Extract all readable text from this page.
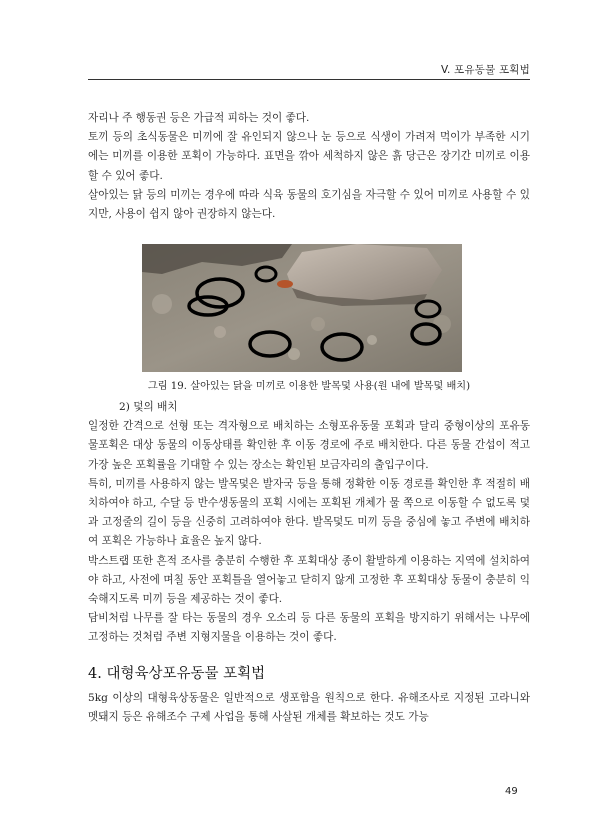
V. 포유동물 포획법

자리나 주 행동권 등은 가급적 피하는 것이 좋다.

토끼 등의 초식동물은 미끼에 잘 유인되지 않으나 눈 등으로 식생이 가려져 먹이가 부족한 시기에는 미끼를 이용한 포획이 가능하다. 표면을 깎아 세척하지 않은 흙 당근은 장기간 미끼로 이용할 수 있어 좋다.

살아있는 닭 등의 미끼는 경우에 따라 식육 동물의 호기심을 자극할 수 있어 미끼로 사용할 수 있지만, 사용이 쉽지 않아 권장하지 않는다.

그림 19. 살아있는 닭을 미끼로 이용한 발목덫 사용(원 내에 발목덫 배치)

2) 덫의 배치

일정한 간격으로 선형 또는 격자형으로 배치하는 소형포유동물 포획과 달리 중형이상의 포유동물포획은 대상 동물의 이동상태를 확인한 후 이동 경로에 주로 배치한다. 다른 동물 간섭이 적고 가장 높은 포획률을 기대할 수 있는 장소는 확인된 보금자리의 출입구이다.

특히, 미끼를 사용하지 않는 발목덫은 발자국 등을 통해 정확한 이동 경로를 확인한 후 적절히 배치하여야 하고, 수달 등 반수생동물의 포획 시에는 포획된 개체가 물 쪽으로 이동할 수 없도록 덫과 고정줄의 길이 등을 신중히 고려하여야 한다. 발목덫도 미끼 등을 중심에 놓고 주변에 배치하여 포획은 가능하나 효율은 높지 않다.

박스트랩 또한 흔적 조사를 충분히 수행한 후 포획대상 종이 활발하게 이용하는 지역에 설치하여야 하고, 사전에 며칠 동안 포획틀을 열어놓고 닫히지 않게 고정한 후 포획대상 동물이 충분히 익숙해지도록 미끼 등을 제공하는 것이 좋다.

담비처럼 나무를 잘 타는 동물의 경우 오소리 등 다른 동물의 포획을 방지하기 위해서는 나무에 고정하는 것처럼 주변 지형지물을 이용하는 것이 좋다.

4. 대형육상포유동물 포획법

5kg 이상의 대형육상동물은 일반적으로 생포함을 원칙으로 한다. 유해조사로 지정된 고라니와 멧돼지 등은 유해조수 구제 사업을 통해 사살된 개체를 확보하는 것도 가능

49
